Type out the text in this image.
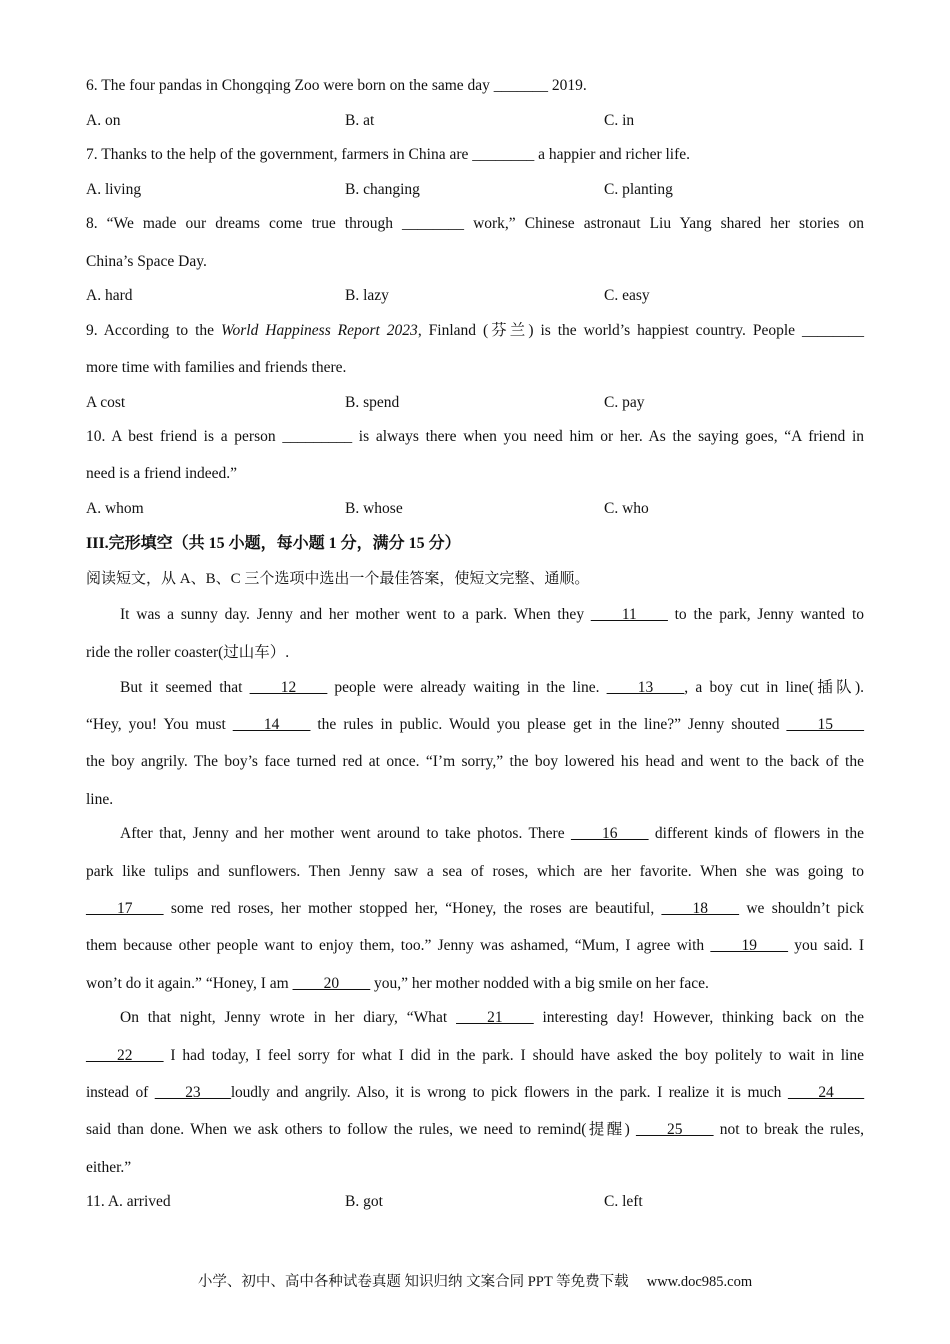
6. The four pandas in Chongqing Zoo were born on the same day _______ 2019.
A. on	B. at	C. in
7. Thanks to the help of the government, farmers in China are ________ a happier and richer life.
A. living	B. changing	C. planting
8. “We made our dreams come true through ________ work,” Chinese astronaut Liu Yang shared her stories on
China’s Space Day.
A. hard	B. lazy	C. easy
9. According to the World Happiness Report 2023, Finland (芬兰) is the world’s happiest country. People ________
more time with families and friends there.
A cost	B. spend	C. pay
10. A best friend is a person _________ is always there when you need him or her. As the saying goes, “A friend in
need is a friend indeed.”
A. whom	B. whose	C. who
III.完形填空（共 15 小题，每小题 1 分，满分 15 分）
阅读短文，从 A、B、C 三个选项中选出一个最佳答案，使短文完整、通顺。
It was a sunny day. Jenny and her mother went to a park. When they ____11____ to the park, Jenny wanted to
ride the roller coaster(过山车）.
But it seemed that ____12____ people were already waiting in the line. ____13____, a boy cut in line(插队).
“Hey, you! You must ____14____ the rules in public. Would you please get in the line?” Jenny shouted ____15____
the boy angrily. The boy’s face turned red at once. “I’m sorry,” the boy lowered his head and went to the back of the
line.
After that, Jenny and her mother went around to take photos. There ____16____ different kinds of flowers in the
park like tulips and sunflowers. Then Jenny saw a sea of roses, which are her favorite. When she was going to
____17____ some red roses, her mother stopped her, “Honey, the roses are beautiful, ____18____ we shouldn’t pick
them because other people want to enjoy them, too.” Jenny was ashamed, “Mum, I agree with ____19____ you said. I
won’t do it again.” “Honey, I am ____20____ you,” her mother nodded with a big smile on her face.
On that night, Jenny wrote in her diary, “What ____21____ interesting day! However, thinking back on the
____22____ I had today, I feel sorry for what I did in the park. I should have asked the boy politely to wait in line
instead of ____23____loudly and angrily. Also, it is wrong to pick flowers in the park. I realize it is much ____24____
said than done. When we ask others to follow the rules, we need to remind(提醒) ____25____ not to break the rules,
either.”
11. A. arrived	B. got	C. left
小学、初中、高中各种试卷真题 知识归纳 文案合同 PPT 等免费下载 www.doc985.com
